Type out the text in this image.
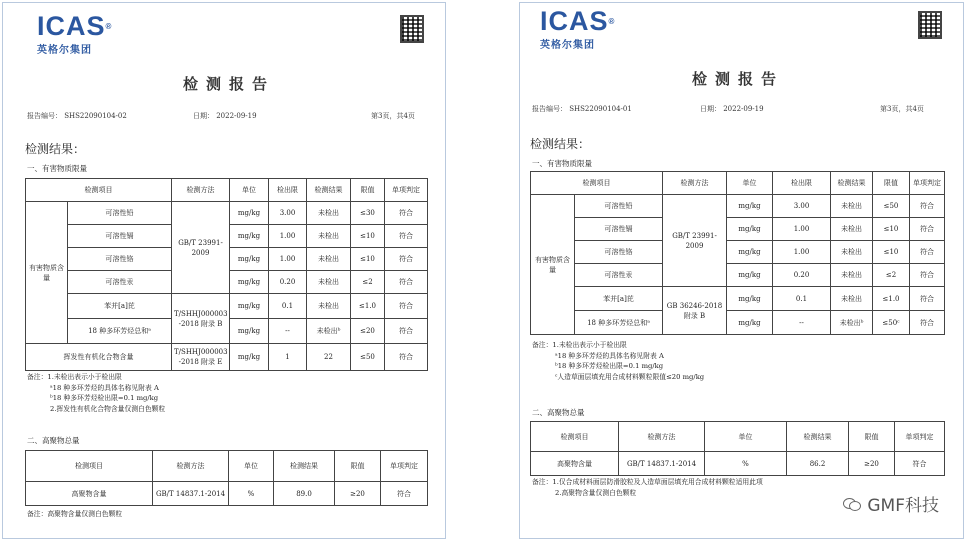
ICAS®
英格尔集团
检测报告
报告编号： SHS22090104-02	日期： 2022-09-19	第3页，共4页
检测结果：
一、有害物质限量
检测项目		检测方法	单位	检出限	检测结果	限值	单项判定
有害物质含量	可溶性铅	GB/T 23991-2009	mg/kg	3.00	未检出	≤30	符合
	可溶性镉		mg/kg	1.00	未检出	≤10	符合
	可溶性铬		mg/kg	1.00	未检出	≤10	符合
	可溶性汞		mg/kg	0.20	未检出	≤2	符合
	苯并[a]芘	T/SHHJ000003 -2018 附录 B	mg/kg	0.1	未检出	≤1.0	符合
	18 种多环芳烃总和ᵃ		mg/kg	--	未检出ᵇ	≤20	符合
挥发性有机化合物含量		T/SHHJ000003 -2018 附录 E	mg/kg	1	22	≤50	符合
备注：1.未检出表示小于检出限
ᵃ18 种多环芳烃的具体名称见附表 A
ᵇ18 种多环芳烃检出限=0.1 mg/kg
2.挥发性有机化合物含量仅测白色颗粒
二、高聚物总量
检测项目	检测方法	单位	检测结果	限值	单项判定
高聚物含量	GB/T 14837.1-2014	%	89.0	≥20	符合
备注：高聚物含量仅测白色颗粒
ICAS®
英格尔集团
检测报告
报告编号： SHS22090104-01	日期： 2022-09-19	第3页，共4页
检测结果：
一、有害物质限量
检测项目		检测方法	单位	检出限	检测结果	限值	单项判定
有害物质含量	可溶性铅	GB/T 23991-2009	mg/kg	3.00	未检出	≤50	符合
	可溶性镉		mg/kg	1.00	未检出	≤10	符合
	可溶性铬		mg/kg	1.00	未检出	≤10	符合
	可溶性汞		mg/kg	0.20	未检出	≤2	符合
	苯并[a]芘	GB 36246-2018 附录 B	mg/kg	0.1	未检出	≤1.0	符合
	18 种多环芳烃总和ᵃ		mg/kg	--	未检出ᵇ	≤50ᶜ	符合
备注：1.未检出表示小于检出限
ᵃ18 种多环芳烃的具体名称见附表 A
ᵇ18 种多环芳烃检出限=0.1 mg/kg
ᶜ人造草面层填充用合成材料颗粒限值≤20 mg/kg
二、高聚物总量
检测项目	检测方法	单位	检测结果	限值	单项判定
高聚物含量	GB/T 14837.1-2014	%	86.2	≥20	符合
备注：1.仅合成材料面层防滑胶粒及人造草面层填充用合成材料颗粒适用此项
2.高聚物含量仅测白色颗粒
GMF科技
